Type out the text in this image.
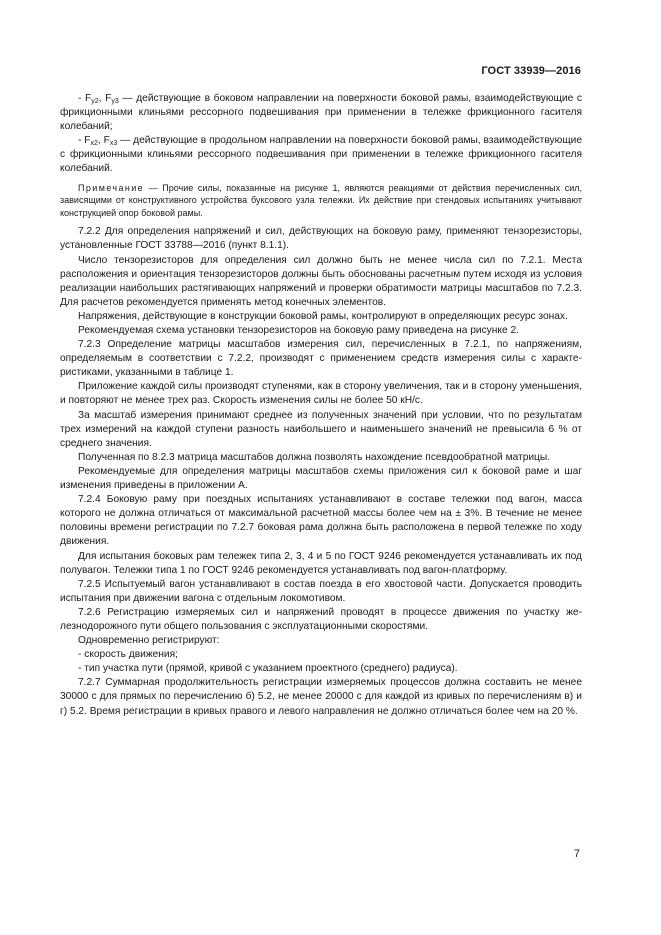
ГОСТ 33939—2016

- $F_{y2}$, $F_{y3}$ — действующие в боковом направлении на поверхности боковой рамы, взаимодействующие с фрикционными клиньями рессорного подвешивания при применении в тележке фрикционного гасителя колебаний;

- $F_{x2}$, $F_{x3}$ — действующие в продольном направлении на поверхности боковой рамы, взаимодействующие с фрикционными клиньями рессорного подвешивания при применении в тележке фрикционного гасителя колебаний.

Примечание — Прочие силы, показанные на рисунке 1, являются реакциями от действия перечисленных сил, зависящими от конструктивного устройства буксового узла тележки. Их действие при стендовых испытаниях учитывают конструкцией опор боковой рамы.

7.2.2 Для определения напряжений и сил, действующих на боковую раму, применяют тензорезисторы, установленные ГОСТ 33788—2016 (пункт 8.1.1).

Число тензорезисторов для определения сил должно быть не менее числа сил по 7.2.1. Места расположения и ориентация тензорезисторов должны быть обоснованы расчетным путем исходя из условия реализации наибольших растягивающих напряжений и проверки обратимости матрицы масштабов по 7.2.3. Для расчетов рекомендуется применять метод конечных элементов.

Напряжения, действующие в конструкции боковой рамы, контролируют в определяющих ресурс зонах.

Рекомендуемая схема установки тензорезисторов на боковую раму приведена на рисунке 2.

7.2.3 Определение матрицы масштабов измерения сил, перечисленных в 7.2.1, по напряжениям, определяемым в соответствии с 7.2.2, производят с применением средств измерения силы с характеристиками, указанными в таблице 1.

Приложение каждой силы производят ступенями, как в сторону увеличения, так и в сторону уменьшения, и повторяют не менее трех раз. Скорость изменения силы не более 50 кН/с.

За масштаб измерения принимают среднее из полученных значений при условии, что по результатам трех измерений на каждой ступени разность наибольшего и наименьшего значений не превысила 6 % от среднего значения.

Полученная по 8.2.3 матрица масштабов должна позволять нахождение псевдообратной матрицы.

Рекомендуемые для определения матрицы масштабов схемы приложения сил к боковой раме и шаг изменения приведены в приложении А.

7.2.4 Боковую раму при поездных испытаниях устанавливают в составе тележки под вагон, масса которого не должна отличаться от максимальной расчетной массы более чем на ± 3%. В течение не менее половины времени регистрации по 7.2.7 боковая рама должна быть расположена в первой тележке по ходу движения.

Для испытания боковых рам тележек типа 2, 3, 4 и 5 по ГОСТ 9246 рекомендуется устанавливать их под полувагон. Тележки типа 1 по ГОСТ 9246 рекомендуется устанавливать под вагон-платформу.

7.2.5 Испытуемый вагон устанавливают в состав поезда в его хвостовой части. Допускается проводить испытания при движении вагона с отдельным локомотивом.

7.2.6 Регистрацию измеряемых сил и напряжений проводят в процессе движения по участку железнодорожного пути общего пользования с эксплуатационными скоростями.

Одновременно регистрируют:

- скорость движения;

- тип участка пути (прямой, кривой с указанием проектного (среднего) радиуса).

7.2.7 Суммарная продолжительность регистрации измеряемых процессов должна составить не менее 30000 с для прямых по перечислению б) 5.2, не менее 20000 с для каждой из кривых по перечислениям в) и г) 5.2. Время регистрации в кривых правого и левого направления не должно отличаться более чем на 20 %.

7
